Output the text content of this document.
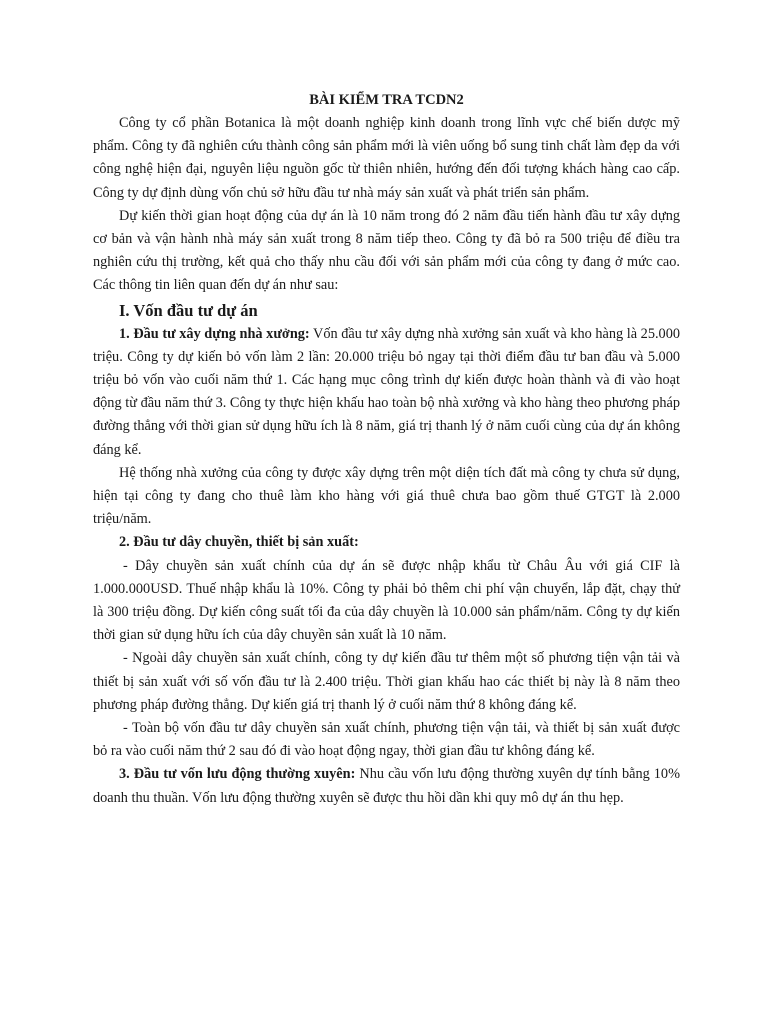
BÀI KIỂM TRA TCDN2

Công ty cổ phần Botanica là một doanh nghiệp kinh doanh trong lĩnh vực chế biến dược mỹ phẩm. Công ty đã nghiên cứu thành công sản phẩm mới là viên uống bổ sung tinh chất làm đẹp da với công nghệ hiện đại, nguyên liệu nguồn gốc từ thiên nhiên, hướng đến đối tượng khách hàng cao cấp. Công ty dự định dùng vốn chủ sở hữu đầu tư nhà máy sản xuất và phát triển sản phẩm.

Dự kiến thời gian hoạt động của dự án là 10 năm trong đó 2 năm đầu tiến hành đầu tư xây dựng cơ bản và vận hành nhà máy sản xuất trong 8 năm tiếp theo. Công ty đã bỏ ra 500 triệu để điều tra nghiên cứu thị trường, kết quả cho thấy nhu cầu đối với sản phẩm mới của công ty đang ở mức cao. Các thông tin liên quan đến dự án như sau:

I. Vốn đầu tư dự án

1. Đầu tư xây dựng nhà xưởng: Vốn đầu tư xây dựng nhà xưởng sản xuất và kho hàng là 25.000 triệu. Công ty dự kiến bỏ vốn làm 2 lần: 20.000 triệu bỏ ngay tại thời điểm đầu tư ban đầu và 5.000 triệu bỏ vốn vào cuối năm thứ 1. Các hạng mục công trình dự kiến được hoàn thành và đi vào hoạt động từ đầu năm thứ 3. Công ty thực hiện khấu hao toàn bộ nhà xưởng và kho hàng theo phương pháp đường thẳng với thời gian sử dụng hữu ích là 8 năm, giá trị thanh lý ở năm cuối cùng của dự án không đáng kể.

Hệ thống nhà xưởng của công ty được xây dựng trên một diện tích đất mà công ty chưa sử dụng, hiện tại công ty đang cho thuê làm kho hàng với giá thuê chưa bao gồm thuế GTGT là 2.000 triệu/năm.

2. Đầu tư dây chuyền, thiết bị sản xuất:

- Dây chuyền sản xuất chính của dự án sẽ được nhập khẩu từ Châu Âu với giá CIF là 1.000.000USD. Thuế nhập khẩu là 10%. Công ty phải bỏ thêm chi phí vận chuyển, lắp đặt, chạy thử là 300 triệu đồng. Dự kiến công suất tối đa của dây chuyền là 10.000 sản phẩm/năm. Công ty dự kiến thời gian sử dụng hữu ích của dây chuyền sản xuất là 10 năm.

- Ngoài dây chuyền sản xuất chính, công ty dự kiến đầu tư thêm một số phương tiện vận tải và thiết bị sản xuất với số vốn đầu tư là 2.400 triệu. Thời gian khấu hao các thiết bị này là 8 năm theo phương pháp đường thẳng. Dự kiến giá trị thanh lý ở cuối năm thứ 8 không đáng kể.

- Toàn bộ vốn đầu tư dây chuyền sản xuất chính, phương tiện vận tải, và thiết bị sản xuất được bỏ ra vào cuối năm thứ 2 sau đó đi vào hoạt động ngay, thời gian đầu tư không đáng kể.

3. Đầu tư vốn lưu động thường xuyên: Nhu cầu vốn lưu động thường xuyên dự tính bằng 10% doanh thu thuần. Vốn lưu động thường xuyên sẽ được thu hồi dần khi quy mô dự án thu hẹp.
